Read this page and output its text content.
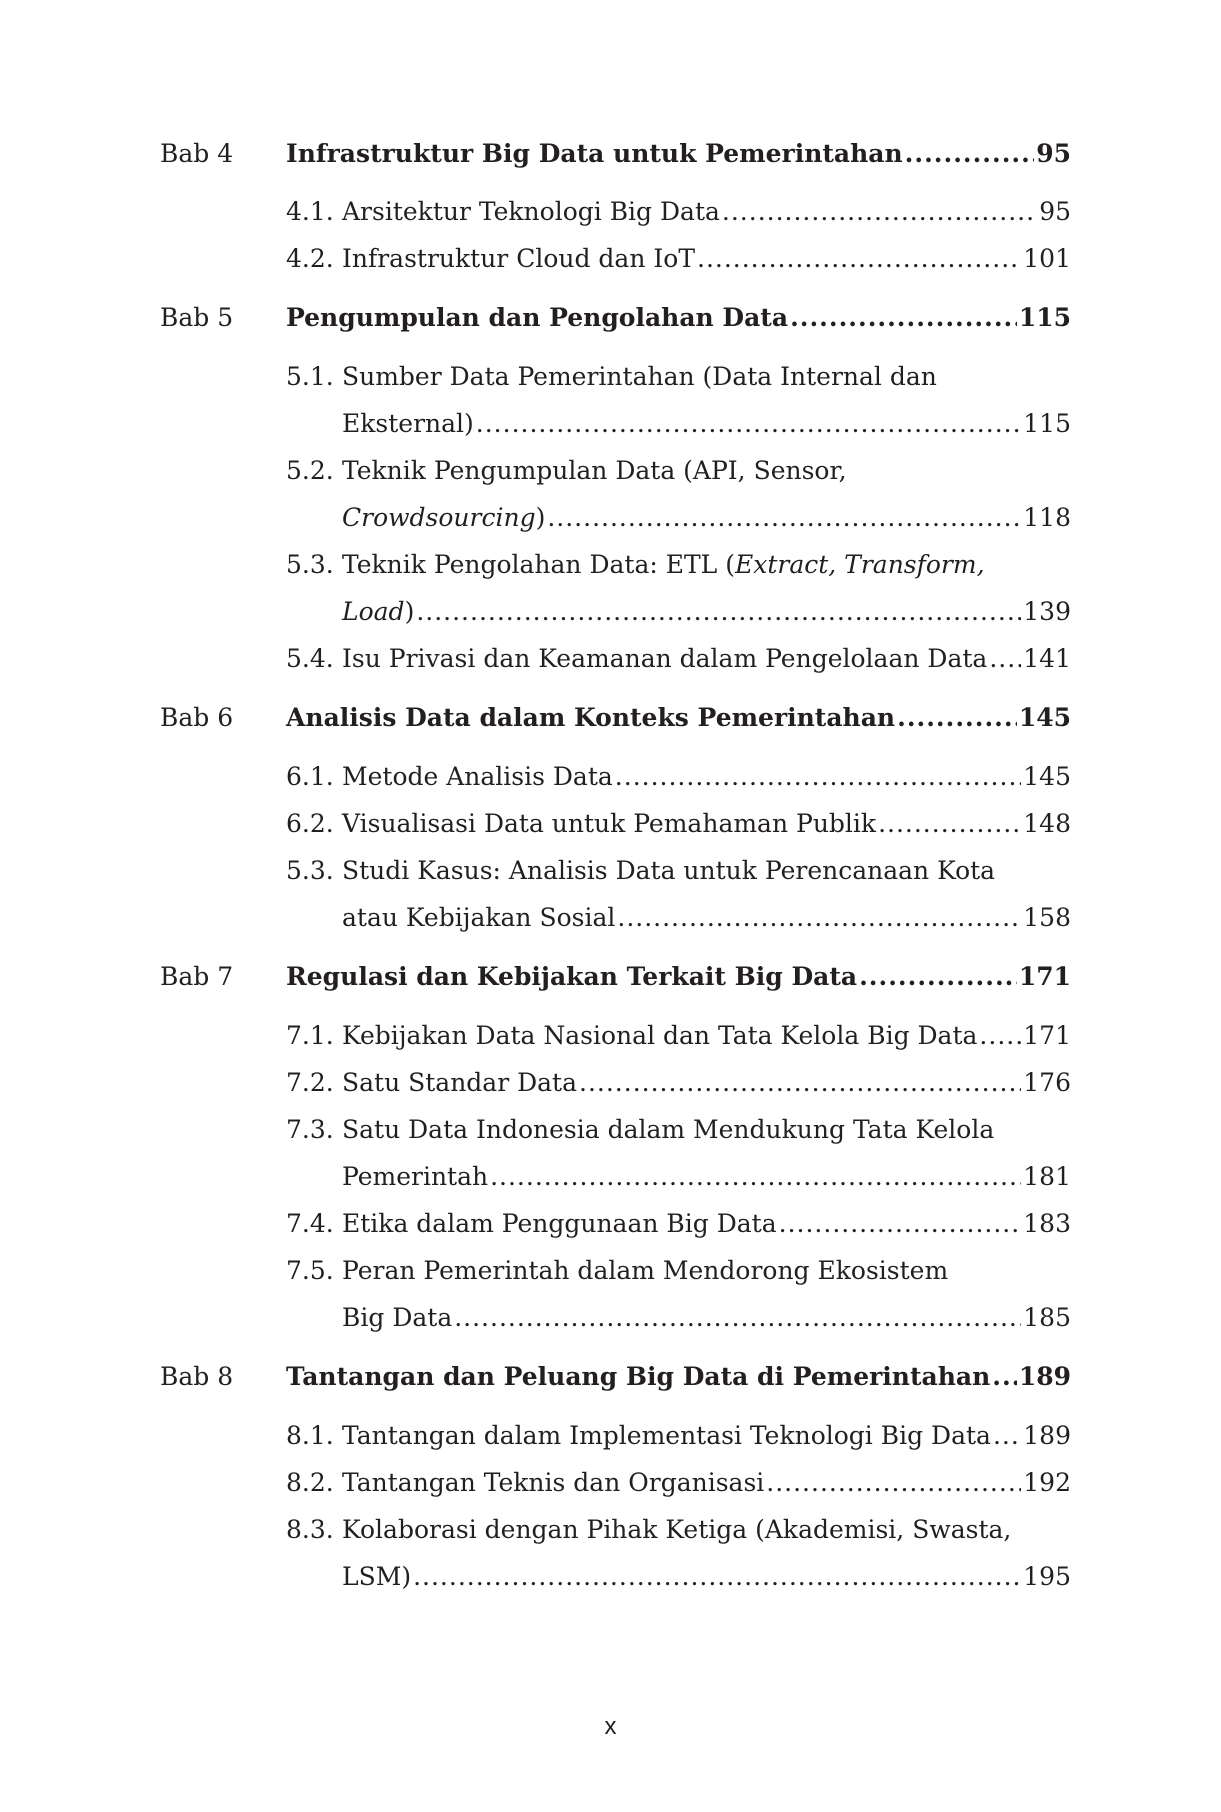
Bab 4 Infrastruktur Big Data untuk Pemerintahan .....	95
4.1. Arsitektur Teknologi Big Data .....	95
4.2. Infrastruktur Cloud dan IoT .....	101
Bab 5 Pengumpulan dan Pengolahan Data .....	115
5.1. Sumber Data Pemerintahan (Data Internal dan
Eksternal) .....	115
5.2. Teknik Pengumpulan Data (API, Sensor,
Crowdsourcing) .....	118
5.3. Teknik Pengolahan Data: ETL (Extract, Transform,
Load) .....	139
5.4. Isu Privasi dan Keamanan dalam Pengelolaan Data ..... 141
Bab 6 Analisis Data dalam Konteks Pemerintahan .....	145
6.1. Metode Analisis Data .....	145
6.2. Visualisasi Data untuk Pemahaman Publik .....	148
5.3. Studi Kasus: Analisis Data untuk Perencanaan Kota
atau Kebijakan Sosial .....	158
Bab 7 Regulasi dan Kebijakan Terkait Big Data .....	171
7.1. Kebijakan Data Nasional dan Tata Kelola Big Data ..... 171
7.2. Satu Standar Data .....	176
7.3. Satu Data Indonesia dalam Mendukung Tata Kelola
Pemerintah .....	181
7.4. Etika dalam Penggunaan Big Data .....	183
7.5. Peran Pemerintah dalam Mendorong Ekosistem
Big Data .....	185
Bab 8 Tantangan dan Peluang Big Data di Pemerintahan ..... 189
8.1. Tantangan dalam Implementasi Teknologi Big Data ..... 189
8.2. Tantangan Teknis dan Organisasi .....	192
8.3. Kolaborasi dengan Pihak Ketiga (Akademisi, Swasta,
LSM) .....	195
x
